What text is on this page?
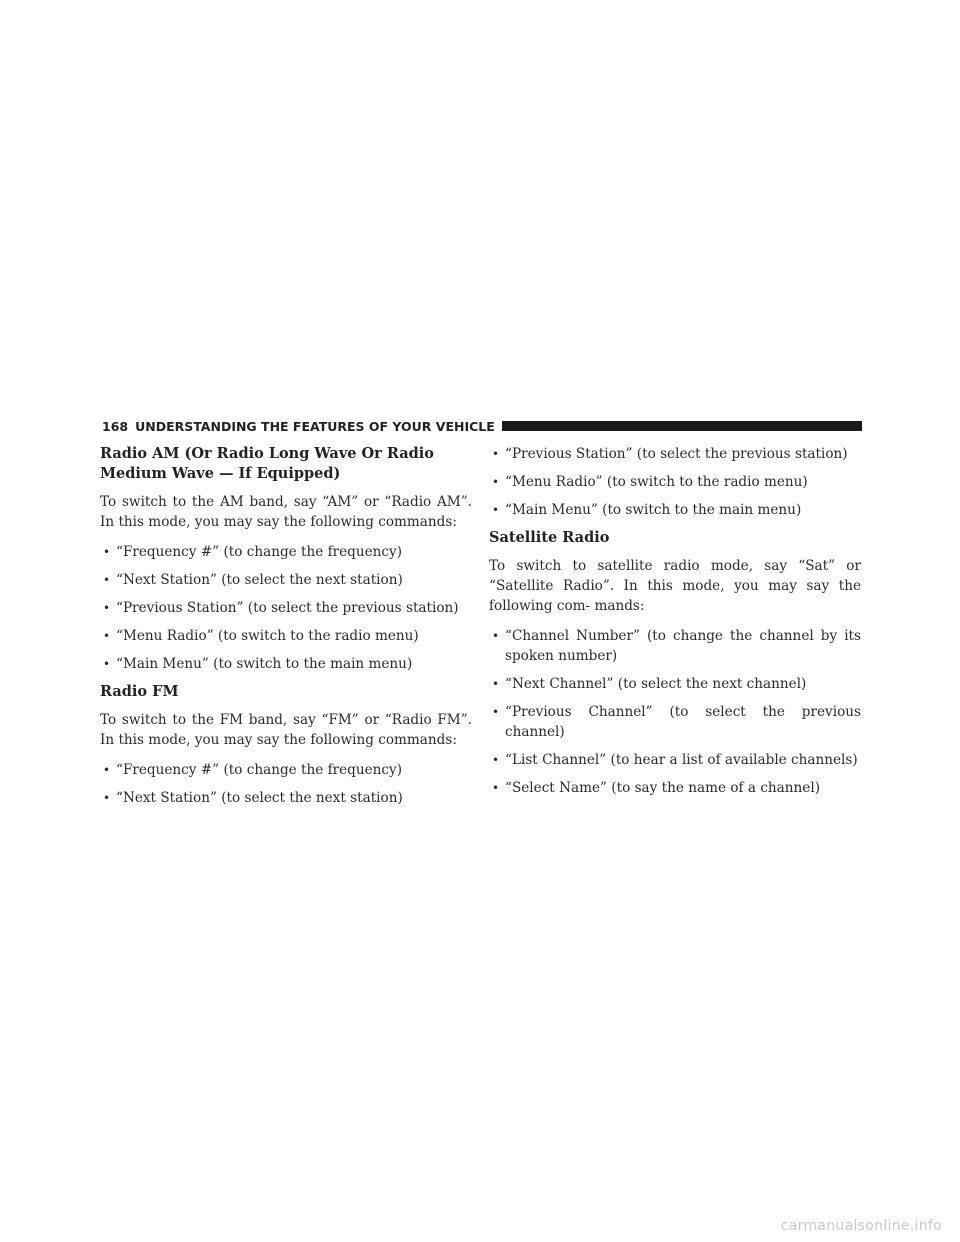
168 UNDERSTANDING THE FEATURES OF YOUR VEHICLE
Radio AM (Or Radio Long Wave Or Radio
Medium Wave — If Equipped)

To switch to the AM band, say “AM” or “Radio AM”. In this mode, you may say the following commands:

• “Frequency #” (to change the frequency)
• “Next Station” (to select the next station)
• “Previous Station” (to select the previous station)
• “Menu Radio” (to switch to the radio menu)
• “Main Menu” (to switch to the main menu)
Radio FM

To switch to the FM band, say “FM” or “Radio FM”. In this mode, you may say the following commands:

• “Frequency #” (to change the frequency)
• “Next Station” (to select the next station)
• “Previous Station” (to select the previous station)
• “Menu Radio” (to switch to the radio menu)
• “Main Menu” (to switch to the main menu)
Satellite Radio

To switch to satellite radio mode, say “Sat” or “Satellite Radio”. In this mode, you may say the following com- mands:

• “Channel Number” (to change the channel by its spoken number)
• “Next Channel” (to select the next channel)
• “Previous Channel” (to select the previous channel)
• “List Channel” (to hear a list of available channels)
• “Select Name” (to say the name of a channel)
carmanualsonline.info
